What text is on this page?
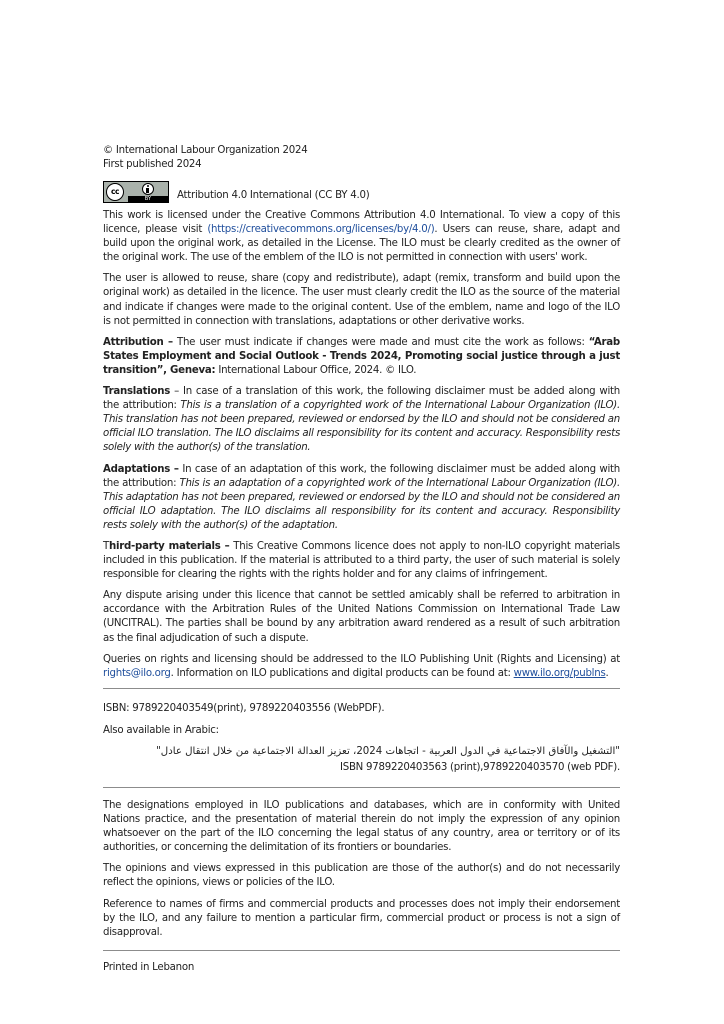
© International Labour Organization 2024
First published 2024
cc
BY	Attribution 4.0 International (CC BY 4.0)

This work is licensed under the Creative Commons Attribution 4.0 International. To view a copy of this licence, please visit (https://creativecommons.org/licenses/by/4.0/). Users can reuse, share, adapt and build upon the original work, as detailed in the License. The ILO must be clearly credited as the owner of the original work. The use of the emblem of the ILO is not permitted in connection with users' work.

The user is allowed to reuse, share (copy and redistribute), adapt (remix, transform and build upon the original work) as detailed in the licence. The user must clearly credit the ILO as the source of the material and indicate if changes were made to the original content. Use of the emblem, name and logo of the ILO is not permitted in connection with translations, adaptations or other derivative works.

Attribution – The user must indicate if changes were made and must cite the work as follows: “Arab States Employment and Social Outlook - Trends 2024, Promoting social justice through a just transition”, Geneva: International Labour Office, 2024. © ILO.

Translations – In case of a translation of this work, the following disclaimer must be added along with the attribution: This is a translation of a copyrighted work of the International Labour Organization (ILO). This translation has not been prepared, reviewed or endorsed by the ILO and should not be considered an official ILO translation. The ILO disclaims all responsibility for its content and accuracy. Responsibility rests solely with the author(s) of the translation.

Adaptations – In case of an adaptation of this work, the following disclaimer must be added along with the attribution: This is an adaptation of a copyrighted work of the International Labour Organization (ILO). This adaptation has not been prepared, reviewed or endorsed by the ILO and should not be considered an official ILO adaptation. The ILO disclaims all responsibility for its content and accuracy. Responsibility rests solely with the author(s) of the adaptation.

Third-party materials – This Creative Commons licence does not apply to non-ILO copyright materials included in this publication. If the material is attributed to a third party, the user of such material is solely responsible for clearing the rights with the rights holder and for any claims of infringement.

Any dispute arising under this licence that cannot be settled amicably shall be referred to arbitration in accordance with the Arbitration Rules of the United Nations Commission on International Trade Law (UNCITRAL). The parties shall be bound by any arbitration award rendered as a result of such arbitration as the final adjudication of such a dispute.

Queries on rights and licensing should be addressed to the ILO Publishing Unit (Rights and Licensing) at rights@ilo.org. Information on ILO publications and digital products can be found at: www.ilo.org/publns.

ISBN: 9789220403549(print), 9789220403556 (WebPDF).

Also available in Arabic:

"التشغيل والآفاق الاجتماعية في الدول العربية - اتجاهات 2024، تعزيز العدالة الاجتماعية من خلال انتقال عادل"
ISBN 9789220403563 (print),9789220403570 (web PDF).

The designations employed in ILO publications and databases, which are in conformity with United Nations practice, and the presentation of material therein do not imply the expression of any opinion whatsoever on the part of the ILO concerning the legal status of any country, area or territory or of its authorities, or concerning the delimitation of its frontiers or boundaries.

The opinions and views expressed in this publication are those of the author(s) and do not necessarily reflect the opinions, views or policies of the ILO.

Reference to names of firms and commercial products and processes does not imply their endorsement by the ILO, and any failure to mention a particular firm, commercial product or process is not a sign of disapproval.

Printed in Lebanon
